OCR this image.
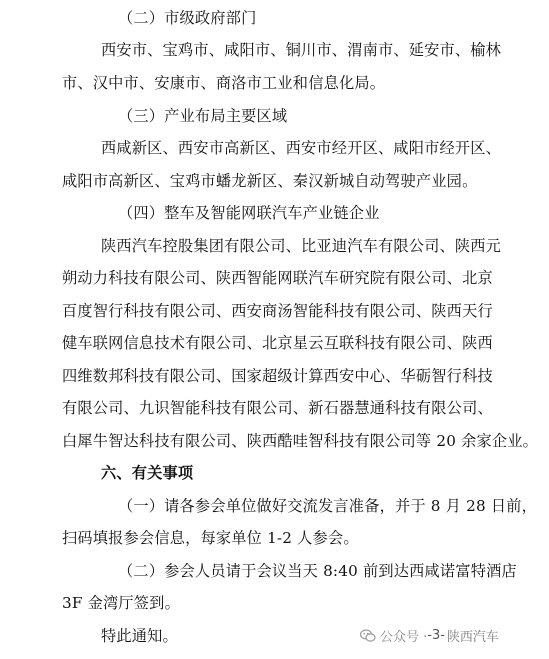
（二）市级政府部门
西安市、宝鸡市、咸阳市、铜川市、渭南市、延安市、榆林
市、汉中市、安康市、商洛市工业和信息化局。
（三）产业布局主要区域
西咸新区、西安市高新区、西安市经开区、咸阳市经开区、
咸阳市高新区、宝鸡市蟠龙新区、秦汉新城自动驾驶产业园。
（四）整车及智能网联汽车产业链企业
陕西汽车控股集团有限公司、比亚迪汽车有限公司、陕西元
朔动力科技有限公司、陕西智能网联汽车研究院有限公司、北京
百度智行科技有限公司、西安商汤智能科技有限公司、陕西天行
健车联网信息技术有限公司、北京星云互联科技有限公司、陕西
四维数邦科技有限公司、国家超级计算西安中心、华砺智行科技
有限公司、九识智能科技有限公司、新石器慧通科技有限公司、
白犀牛智达科技有限公司、陕西酷哇智科技有限公司等 20 余家企业。
六、有关事项
（一）请各参会单位做好交流发言准备，并于 8 月 28 日前，
扫码填报参会信息，每家单位 1-2 人参会。
（二）参会人员请于会议当天 8:40 前到达西咸诺富特酒店
3F 金湾厅签到。
特此通知。	公众号 · -3- 陕西汽车
